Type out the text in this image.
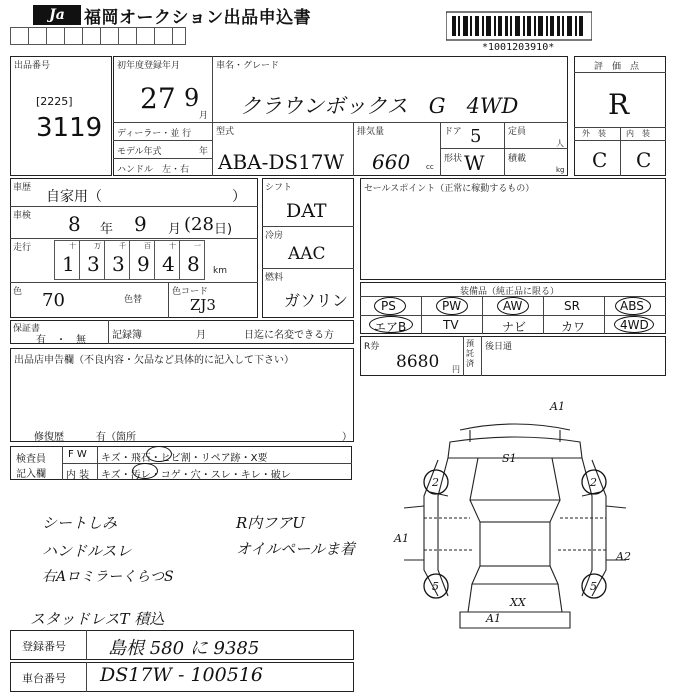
Ja	福岡オークション出品申込書
*1001203910*
出品番号
[2225]
3119
初年度登録年月
27 9
月
ディーラー・並 行
モデル年式	年
ハンドル　左・右
車名・グレード
クラウンボックス　G　4WD
型式
ABA-DS17W
排気量
660 cc
ドア 5	定員
人
形状 W	積載
kg
評　価　点
R
外　装	内　装
C C
車歴
自家用（	）
車検 8 年 9 月 (28 日)
走行	十	万	千	百	十	一
1 3 3 9 4 8 km
色 70	色替
色コード
ZJ3
シフト
DAT
冷房
AAC
燃料
ガソリン
セールスポイント（正常に稼動するもの）
装備品（純正品に限る）
PS	PW	AW	SR	ABS
エアB	TV	ナビ	カワ	4WD
R券
8680 円
預託済
後日通
保証書
有　・　無	記録簿	月	日迄に名変できる方
出品店申告欄（不良内容・欠品など具体的に記入して下さい）
修復歴	有（箇所	）
検査員
記入欄
F W キズ・飛石・ヒビ割・リペア跡・X要
内 装 キズ・汚レ・コゲ・穴・スレ・キレ・破レ
シートしみ	R内フアU
ハンドルスレ	オイルペールま着
右AロミラーくらつS
スタッドレスT 積込
登録番号 島根 580 に 9385
車台番号 DS17W - 100516
A1
S1
A1
A2
A1
XX
2	2
5	5
